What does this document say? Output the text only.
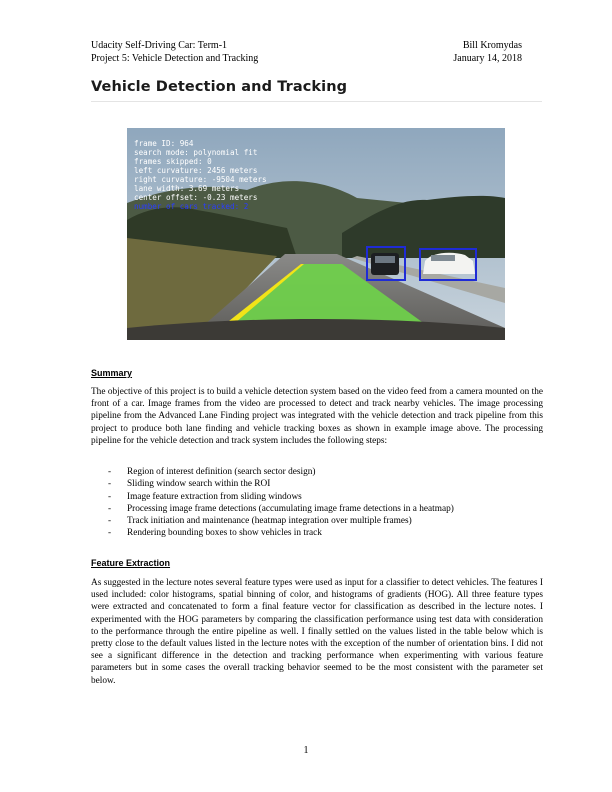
Udacity Self-Driving Car: Term-1
Project 5: Vehicle Detection and Tracking
Bill Kromydas
January 14, 2018
Vehicle Detection and Tracking
frame ID: 964
search mode: polynomial fit
frames skipped: 0
left curvature: 2456 meters
right curvature: -9504 meters
lane width: 3.69 meters
center offset: -0.23 meters
number of cars tracked: 2
Summary
The objective of this project is to build a vehicle detection system based on the video feed from a camera mounted on the front of a car. Image frames from the video are processed to detect and track nearby vehicles. The image processing pipeline from the Advanced Lane Finding project was integrated with the vehicle detection and track pipeline from this project to produce both lane finding and vehicle tracking boxes as shown in example image above. The processing pipeline for the vehicle detection and track system includes the following steps:
- Region of interest definition (search sector design)
- Sliding window search within the ROI
- Image feature extraction from sliding windows
- Processing image frame detections (accumulating image frame detections in a heatmap)
- Track initiation and maintenance (heatmap integration over multiple frames)
- Rendering bounding boxes to show vehicles in track
Feature Extraction
As suggested in the lecture notes several feature types were used as input for a classifier to detect vehicles. The features I used included: color histograms, spatial binning of color, and histograms of gradients (HOG). All three feature types were extracted and concatenated to form a final feature vector for classification as described in the lecture notes. I experimented with the HOG parameters by comparing the classification performance using test data with consideration to the performance through the entire pipeline as well. I finally settled on the values listed in the table below which is pretty close to the default values listed in the lecture notes with the exception of the number of orientation bins. I did not see a significant difference in the detection and tracking performance when experimenting with various feature parameters but in some cases the overall tracking behavior seemed to be the most consistent with the parameter set below.
1
